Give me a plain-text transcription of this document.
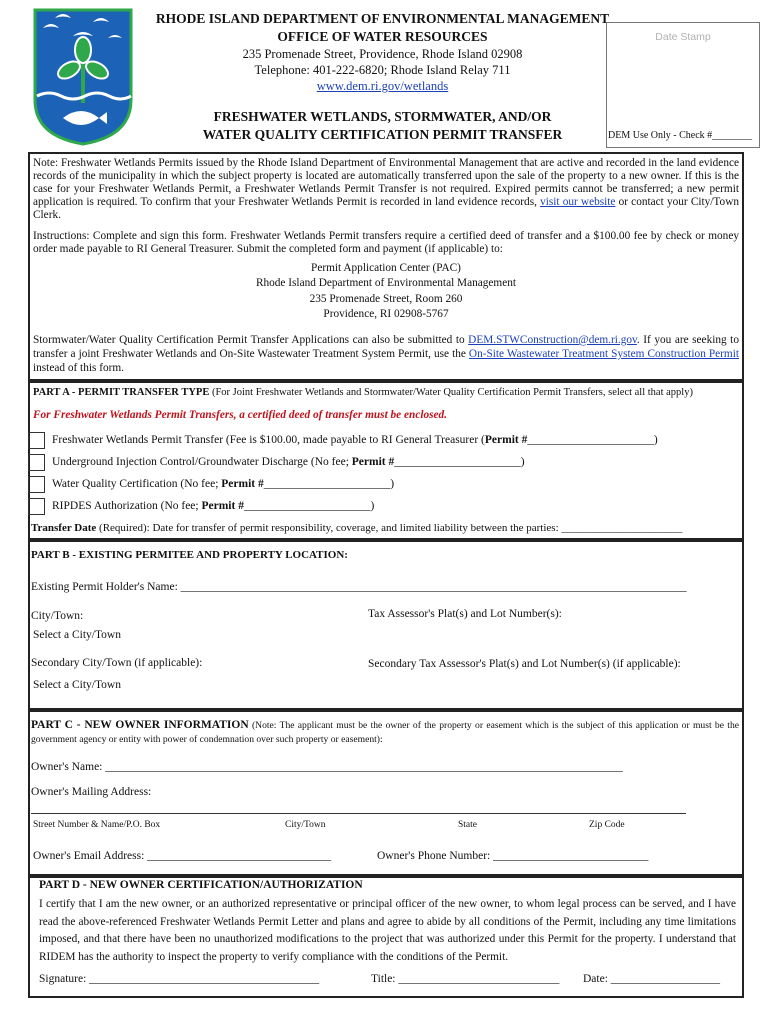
RHODE ISLAND DEPARTMENT OF ENVIRONMENTAL MANAGEMENT
OFFICE OF WATER RESOURCES
235 Promenade Street, Providence, Rhode Island 02908
Telephone: 401-222-6820; Rhode Island Relay 711
www.dem.ri.gov/wetlands
FRESHWATER WETLANDS, STORMWATER, AND/OR
WATER QUALITY CERTIFICATION PERMIT TRANSFER
Date Stamp
DEM Use Only - Check #________
Note: Freshwater Wetlands Permits issued by the Rhode Island Department of Environmental Management that are active and recorded in the land evidence records of the municipality in which the subject property is located are automatically transferred upon the sale of the property to a new owner. If this is the case for your Freshwater Wetlands Permit, a Freshwater Wetlands Permit Transfer is not required. Expired permits cannot be transferred; a new permit application is required. To confirm that your Freshwater Wetlands Permit is recorded in land evidence records, visit our website or contact your City/Town Clerk.
Instructions: Complete and sign this form. Freshwater Wetlands Permit transfers require a certified deed of transfer and a $100.00 fee by check or money order made payable to RI General Treasurer. Submit the completed form and payment (if applicable) to:
Permit Application Center (PAC)
Rhode Island Department of Environmental Management
235 Promenade Street, Room 260
Providence, RI 02908-5767
Stormwater/Water Quality Certification Permit Transfer Applications can also be submitted to DEM.STWConstruction@dem.ri.gov. If you are seeking to transfer a joint Freshwater Wetlands and On-Site Wastewater Treatment System Permit, use the On-Site Wastewater Treatment System Construction Permit instead of this form.
PART A - PERMIT TRANSFER TYPE (For Joint Freshwater Wetlands and Stormwater/Water Quality Certification Permit Transfers, select all that apply)
For Freshwater Wetlands Permit Transfers, a certified deed of transfer must be enclosed.
Freshwater Wetlands Permit Transfer (Fee is $100.00, made payable to RI General Treasurer (Permit #______________________)
Underground Injection Control/Groundwater Discharge (No fee; Permit #______________________)
Water Quality Certification (No fee; Permit #______________________)
RIPDES Authorization (No fee; Permit #______________________)
Transfer Date (Required): Date for transfer of permit responsibility, coverage, and limited liability between the parties: ______________________
PART B - EXISTING PERMITEE AND PROPERTY LOCATION:
Existing Permit Holder's Name: ________________________________________________________________________________________
City/Town:	Tax Assessor's Plat(s) and Lot Number(s):
Select a City/Town
Secondary City/Town (if applicable):	Secondary Tax Assessor's Plat(s) and Lot Number(s) (if applicable):
Select a City/Town
PART C - NEW OWNER INFORMATION (Note: The applicant must be the owner of the property or easement which is the subject of this application or must be the government agency or entity with power of condemnation over such property or easement):
Owner's Name: __________________________________________________________________________________________
Owner's Mailing Address:
Street Number & Name/P.O. Box	City/Town	State	Zip Code
Owner's Email Address: ________________________________	Owner's Phone Number: ___________________________
PART D - NEW OWNER CERTIFICATION/AUTHORIZATION
I certify that I am the new owner, or an authorized representative or principal officer of the new owner, to whom legal process can be served, and I have read the above-referenced Freshwater Wetlands Permit Letter and plans and agree to abide by all conditions of the Permit, including any time limitations imposed, and that there have been no unauthorized modifications to the project that was authorized under this Permit for the property. I understand that RIDEM has the authority to inspect the property to verify compliance with the conditions of the Permit.
Signature: ________________________________________	Title: ____________________________ Date: ___________________
